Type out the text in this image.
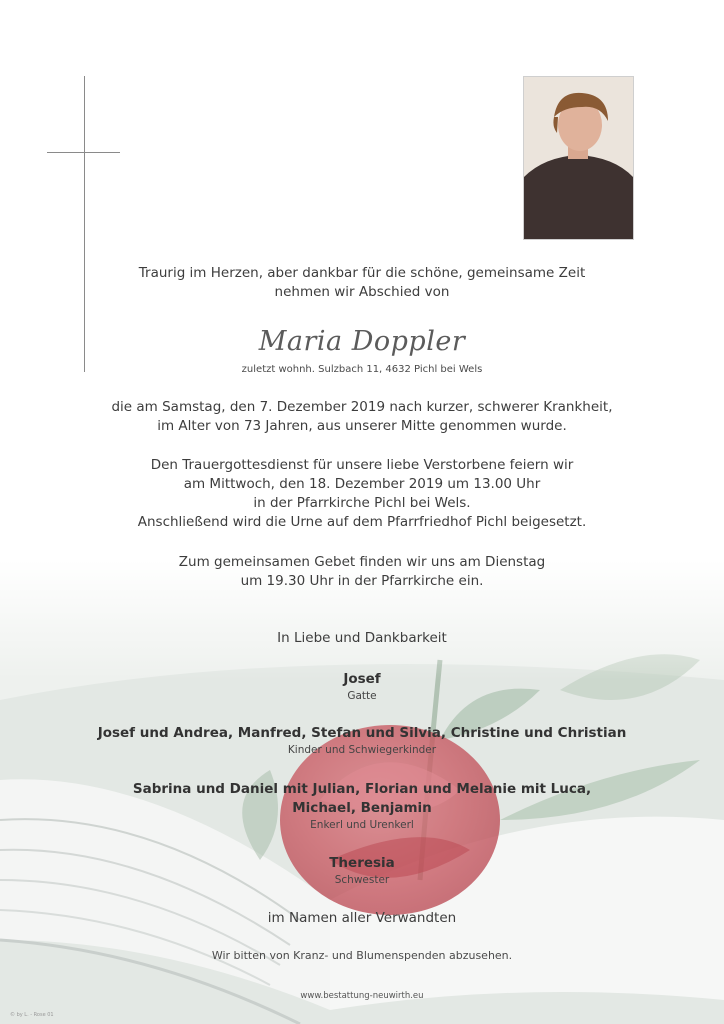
Traurig im Herzen, aber dankbar für die schöne, gemeinsame Zeit
nehmen wir Abschied von
Maria Doppler
zuletzt wohnh. Sulzbach 11, 4632 Pichl bei Wels
die am Samstag, den 7. Dezember 2019 nach kurzer, schwerer Krankheit,
im Alter von 73 Jahren, aus unserer Mitte genommen wurde.
Den Trauergottesdienst für unsere liebe Verstorbene feiern wir
am Mittwoch, den 18. Dezember 2019 um 13.00 Uhr
in der Pfarrkirche Pichl bei Wels.
Anschließend wird die Urne auf dem Pfarrfriedhof Pichl beigesetzt.
Zum gemeinsamen Gebet finden wir uns am Dienstag
um 19.30 Uhr in der Pfarrkirche ein.
In Liebe und Dankbarkeit
Josef
Gatte
Josef und Andrea, Manfred, Stefan und Silvia, Christine und Christian
Kinder und Schwiegerkinder
Sabrina und Daniel mit Julian, Florian und Melanie mit Luca,
Michael, Benjamin
Enkerl und Urenkerl
Theresia
Schwester
im Namen aller Verwandten
Wir bitten von Kranz- und Blumenspenden abzusehen.
www.bestattung-neuwirth.eu
© by L. - Rose 01
